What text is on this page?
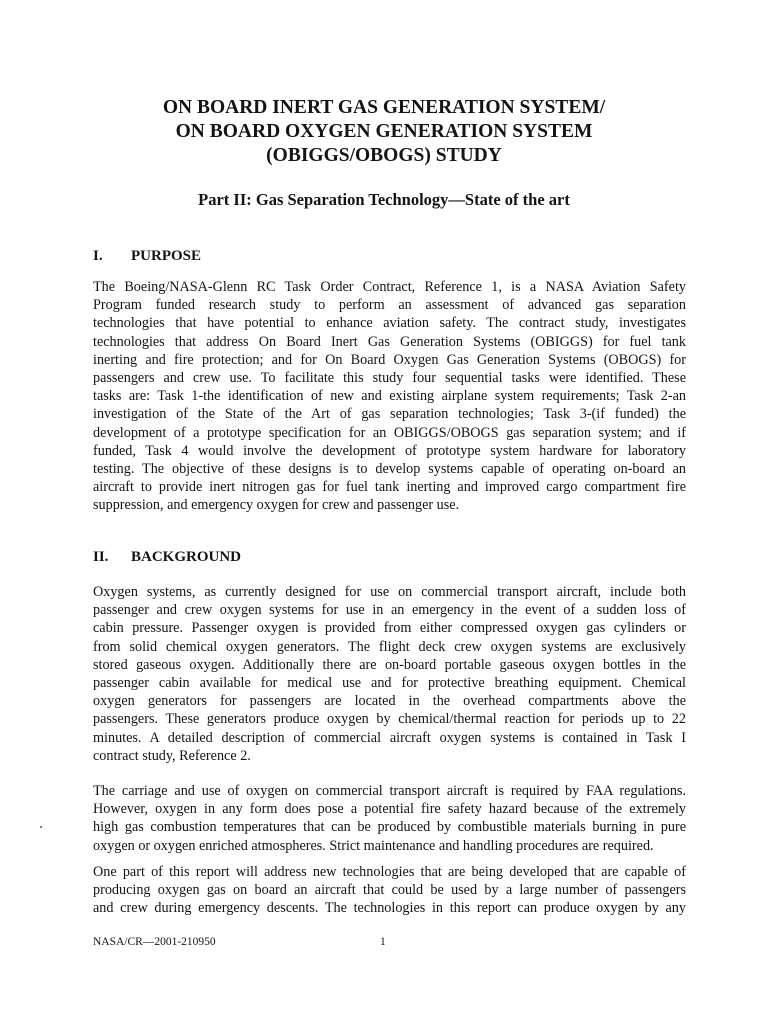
ON BOARD INERT GAS GENERATION SYSTEM/
ON BOARD OXYGEN GENERATION SYSTEM
(OBIGGS/OBOGS) STUDY
Part II: Gas Separation Technology—State of the art
I. PURPOSE
The Boeing/NASA-Glenn RC Task Order Contract, Reference 1, is a NASA Aviation Safety
Program funded research study to perform an assessment of advanced gas separation
technologies that have potential to enhance aviation safety. The contract study, investigates
technologies that address On Board Inert Gas Generation Systems (OBIGGS) for fuel tank
inerting and fire protection; and for On Board Oxygen Gas Generation Systems (OBOGS) for
passengers and crew use. To facilitate this study four sequential tasks were identified. These
tasks are: Task 1-the identification of new and existing airplane system requirements; Task 2-an
investigation of the State of the Art of gas separation technologies; Task 3-(if funded) the
development of a prototype specification for an OBIGGS/OBOGS gas separation system; and if
funded, Task 4 would involve the development of prototype system hardware for laboratory
testing. The objective of these designs is to develop systems capable of operating on-board an
aircraft to provide inert nitrogen gas for fuel tank inerting and improved cargo compartment fire
suppression, and emergency oxygen for crew and passenger use.
II. BACKGROUND
Oxygen systems, as currently designed for use on commercial transport aircraft, include both
passenger and crew oxygen systems for use in an emergency in the event of a sudden loss of
cabin pressure. Passenger oxygen is provided from either compressed oxygen gas cylinders or
from solid chemical oxygen generators. The flight deck crew oxygen systems are exclusively
stored gaseous oxygen. Additionally there are on-board portable gaseous oxygen bottles in the
passenger cabin available for medical use and for protective breathing equipment. Chemical
oxygen generators for passengers are located in the overhead compartments above the
passengers. These generators produce oxygen by chemical/thermal reaction for periods up to 22
minutes. A detailed description of commercial aircraft oxygen systems is contained in Task I
contract study, Reference 2.
The carriage and use of oxygen on commercial transport aircraft is required by FAA regulations.
However, oxygen in any form does pose a potential fire safety hazard because of the extremely
high gas combustion temperatures that can be produced by combustible materials burning in pure
oxygen or oxygen enriched atmospheres. Strict maintenance and handling procedures are required.
One part of this report will address new technologies that are being developed that are capable of
producing oxygen gas on board an aircraft that could be used by a large number of passengers
and crew during emergency descents. The technologies in this report can produce oxygen by any
NASA/CR—2001-210950	1
